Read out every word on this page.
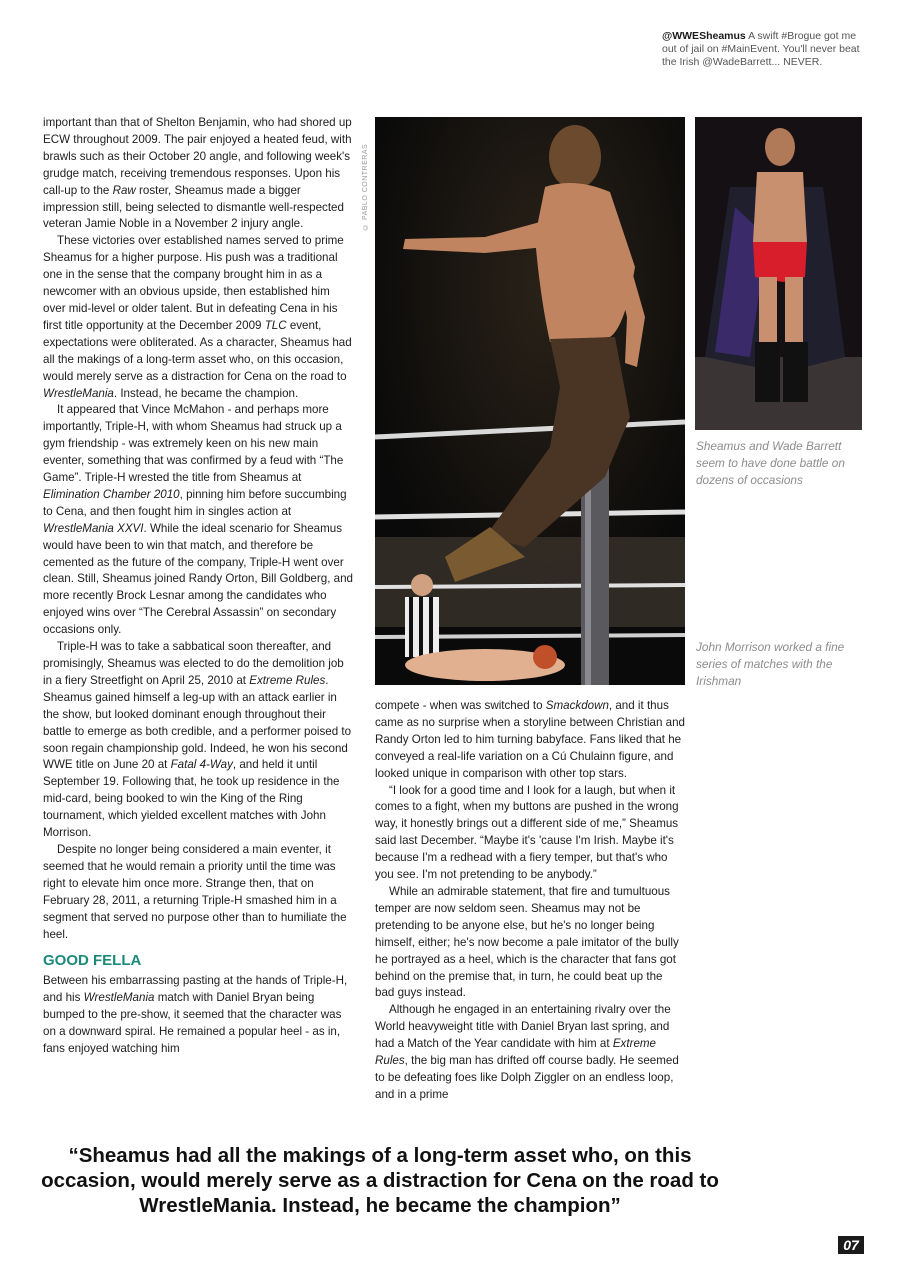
@WWESheamus A swift #Brogue got me out of jail on #MainEvent. You'll never beat the Irish @WadeBarrett... NEVER.

important than that of Shelton Benjamin, who had shored up ECW throughout 2009. The pair enjoyed a heated feud, with brawls such as their October 20 angle, and following week's grudge match, receiving tremendous responses. Upon his call-up to the Raw roster, Sheamus made a bigger impression still, being selected to dismantle well-respected veteran Jamie Noble in a November 2 injury angle.

These victories over established names served to prime Sheamus for a higher purpose. His push was a traditional one in the sense that the company brought him in as a newcomer with an obvious upside, then established him over mid-level or older talent. But in defeating Cena in his first title opportunity at the December 2009 TLC event, expectations were obliterated. As a character, Sheamus had all the makings of a long-term asset who, on this occasion, would merely serve as a distraction for Cena on the road to WrestleMania. Instead, he became the champion.

It appeared that Vince McMahon - and perhaps more importantly, Triple-H, with whom Sheamus had struck up a gym friendship - was extremely keen on his new main eventer, something that was confirmed by a feud with “The Game”. Triple-H wrested the title from Sheamus at Elimination Chamber 2010, pinning him before succumbing to Cena, and then fought him in singles action at WrestleMania XXVI. While the ideal scenario for Sheamus would have been to win that match, and therefore be cemented as the future of the company, Triple-H went over clean. Still, Sheamus joined Randy Orton, Bill Goldberg, and more recently Brock Lesnar among the candidates who enjoyed wins over “The Cerebral Assassin” on secondary occasions only.

Triple-H was to take a sabbatical soon thereafter, and promisingly, Sheamus was elected to do the demolition job in a fiery Streetfight on April 25, 2010 at Extreme Rules. Sheamus gained himself a leg-up with an attack earlier in the show, but looked dominant enough throughout their battle to emerge as both credible, and a performer poised to soon regain championship gold. Indeed, he won his second WWE title on June 20 at Fatal 4-Way, and held it until September 19. Following that, he took up residence in the mid-card, being booked to win the King of the Ring tournament, which yielded excellent matches with John Morrison.

Despite no longer being considered a main eventer, it seemed that he would remain a priority until the time was right to elevate him once more. Strange then, that on February 28, 2011, a returning Triple-H smashed him in a segment that served no purpose other than to humiliate the heel.

GOOD FELLA

Between his embarrassing pasting at the hands of Triple-H, and his WrestleMania match with Daniel Bryan being bumped to the pre-show, it seemed that the character was on a downward spiral. He remained a popular heel - as in, fans enjoyed watching him

© PABLO CONTRERAS
Sheamus and Wade Barrett seem to have done battle on dozens of occasions
John Morrison worked a fine series of matches with the Irishman

compete - when was switched to Smackdown, and it thus came as no surprise when a storyline between Christian and Randy Orton led to him turning babyface. Fans liked that he conveyed a real-life variation on a Cú Chulainn figure, and looked unique in comparison with other top stars.

“I look for a good time and I look for a laugh, but when it comes to a fight, when my buttons are pushed in the wrong way, it honestly brings out a different side of me,” Sheamus said last December. “Maybe it's 'cause I'm Irish. Maybe it's because I'm a redhead with a fiery temper, but that's who you see. I'm not pretending to be anybody.”

While an admirable statement, that fire and tumultuous temper are now seldom seen. Sheamus may not be pretending to be anyone else, but he's no longer being himself, either; he's now become a pale imitator of the bully he portrayed as a heel, which is the character that fans got behind on the premise that, in turn, he could beat up the bad guys instead.

Although he engaged in an entertaining rivalry over the World heavyweight title with Daniel Bryan last spring, and had a Match of the Year candidate with him at Extreme Rules, the big man has drifted off course badly. He seemed to be defeating foes like Dolph Ziggler on an endless loop, and in a prime

“Sheamus had all the makings of a long-term asset who, on this occasion, would merely serve as a distraction for Cena on the road to WrestleMania. Instead, he became the champion”
07
